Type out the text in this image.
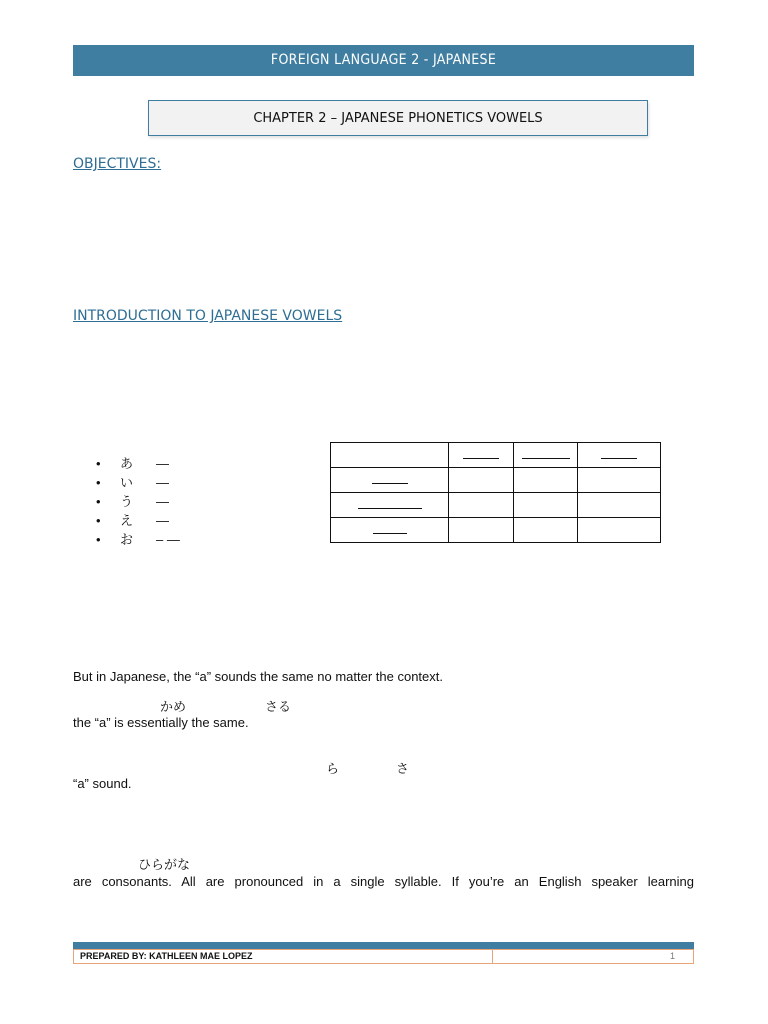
FOREIGN LANGUAGE 2 - JAPANESE
CHAPTER 2 – JAPANESE PHONETICS VOWELS
OBJECTIVES:
INTRODUCTION TO JAPANESE VOWELS
• あ —
• い —
• う —
• え —
• お – —

But in Japanese, the “a” sounds the same no matter the context.
かめ	さる
the “a” is essentially the same.
ら	さ
“a” sound.
ひらがな
are consonants. All are pronounced in a single syllable. If you’re an English speaker learning
PREPARED BY: KATHLEEN MAE LOPEZ	1
